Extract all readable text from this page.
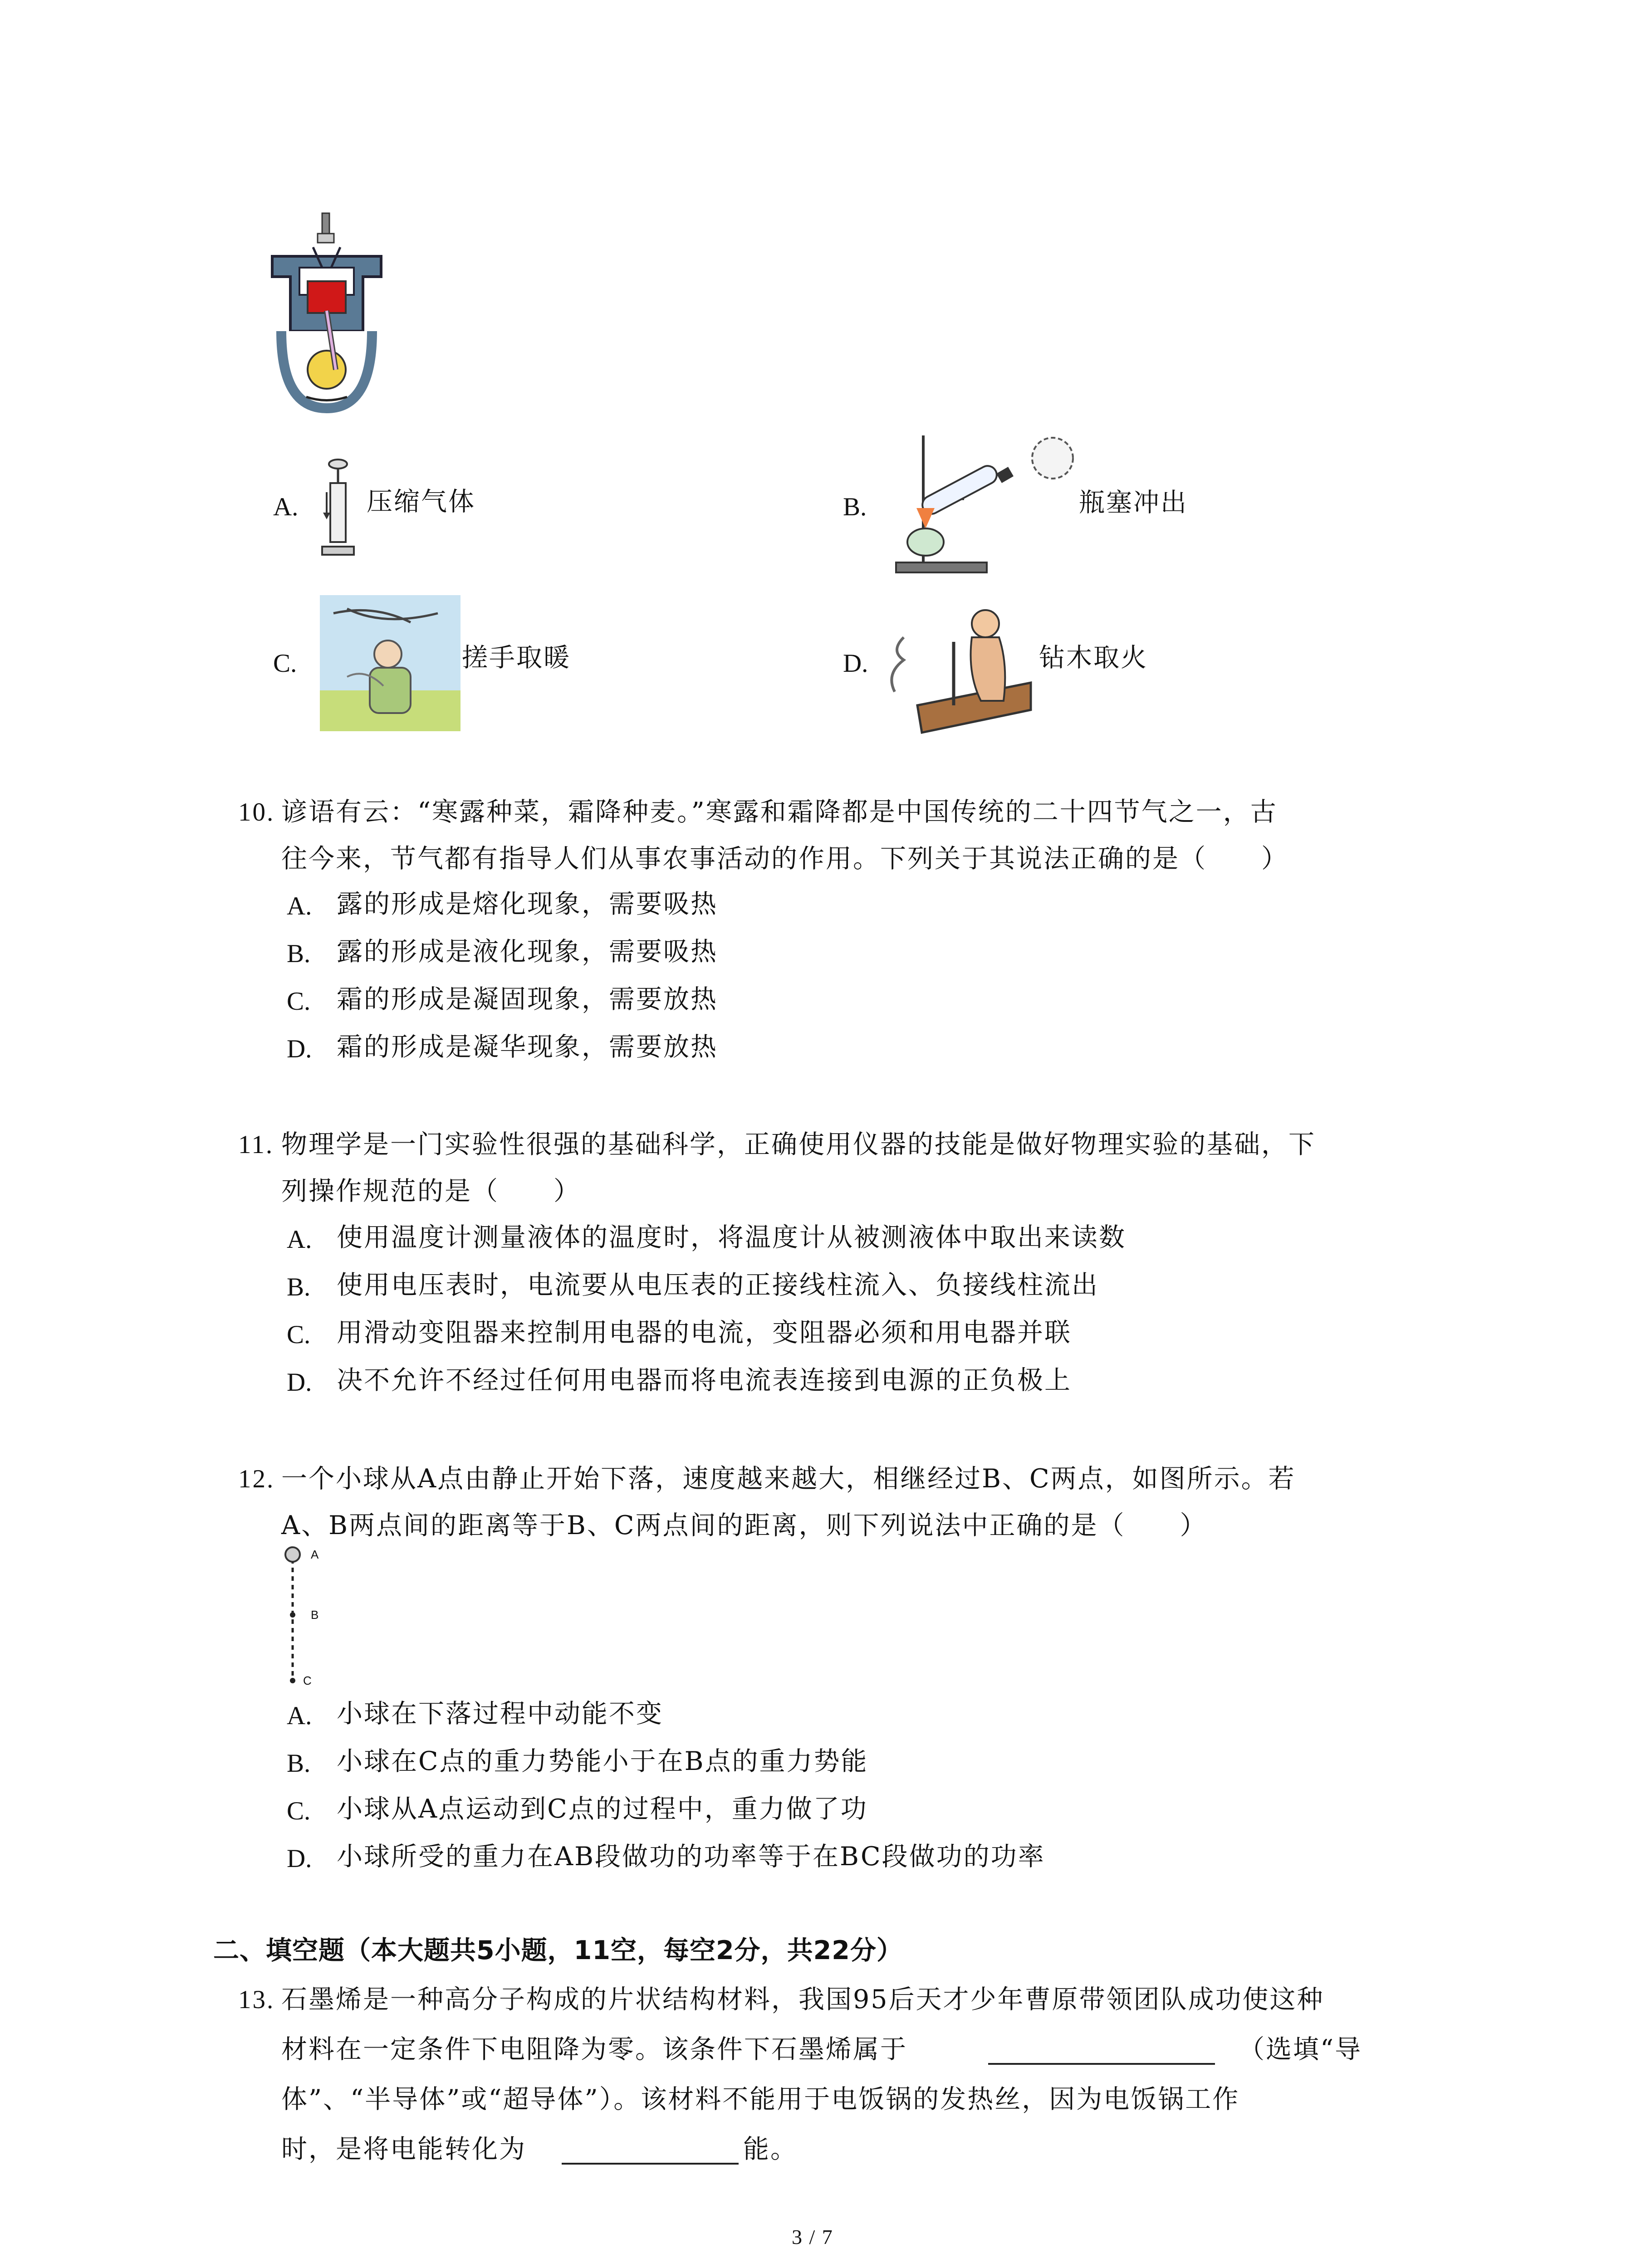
A.	压缩气体	B.	瓶塞冲出
C.	搓手取暖	D.	钻木取火
10. 谚语有云：“寒露种菜，霜降种麦。”寒露和霜降都是中国传统的二十四节气之一，古
往今来，节气都有指导人们从事农事活动的作用。下列关于其说法正确的是（　　）
A. 露的形成是熔化现象，需要吸热
B. 露的形成是液化现象，需要吸热
C. 霜的形成是凝固现象，需要放热
D. 霜的形成是凝华现象，需要放热
11. 物理学是一门实验性很强的基础科学，正确使用仪器的技能是做好物理实验的基础，下
列操作规范的是（　　）
A. 使用温度计测量液体的温度时，将温度计从被测液体中取出来读数
B. 使用电压表时，电流要从电压表的正接线柱流入、负接线柱流出
C. 用滑动变阻器来控制用电器的电流，变阻器必须和用电器并联
D. 决不允许不经过任何用电器而将电流表连接到电源的正负极上
12. 一个小球从A点由静止开始下落，速度越来越大，相继经过B、C两点，如图所示。若
A、B两点间的距离等于B、C两点间的距离，则下列说法中正确的是（　　）
A
B
C
A. 小球在下落过程中动能不变
B. 小球在C点的重力势能小于在B点的重力势能
C. 小球从A点运动到C点的过程中，重力做了功
D. 小球所受的重力在AB段做功的功率等于在BC段做功的功率
二、填空题（本大题共5小题，11空，每空2分，共22分）
13. 石墨烯是一种高分子构成的片状结构材料，我国95后天才少年曹原带领团队成功使这种
材料在一定条件下电阻降为零。该条件下石墨烯属于	（选填“导
体”、“半导体”或“超导体”）。该材料不能用于电饭锅的发热丝，因为电饭锅工作
时，是将电能转化为	能。
3 / 7
